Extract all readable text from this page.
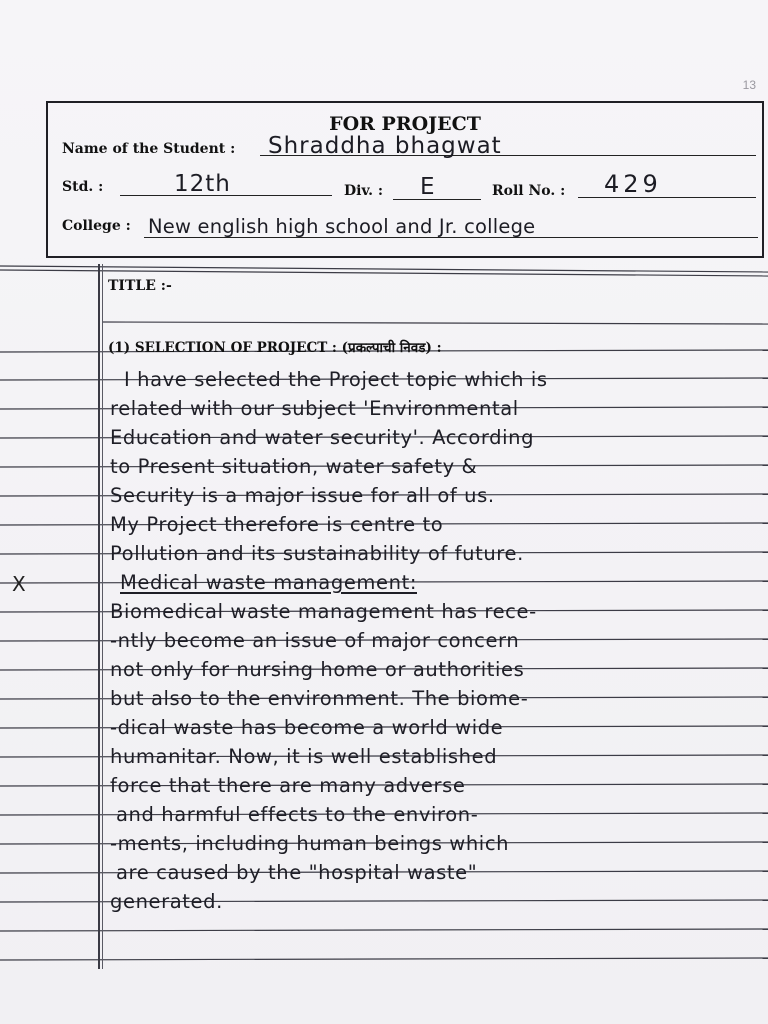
13
FOR PROJECT
Name of the Student : Shraddha bhagwat
Std. :	12th	Div. : E	Roll No. : 429
College : New english high school and Jr. college
TITLE :-
(1) SELECTION OF PROJECT : (प्रकल्पाची निवड) :
X
I have selected the Project topic which is
related with our subject 'Environmental
Education and water security'. According
to Present situation, water safety &
Security is a major issue for all of us.
My Project therefore is centre to
Pollution and its sustainability of future.
Medical waste management:
Biomedical waste management has rece-
-ntly become an issue of major concern
not only for nursing home or authorities
but also to the environment. The biome-
-dical waste has become a world wide
humanitar. Now, it is well established
force that there are many adverse
and harmful effects to the environ-
-ments, including human beings which
are caused by the "hospital waste"
generated.
